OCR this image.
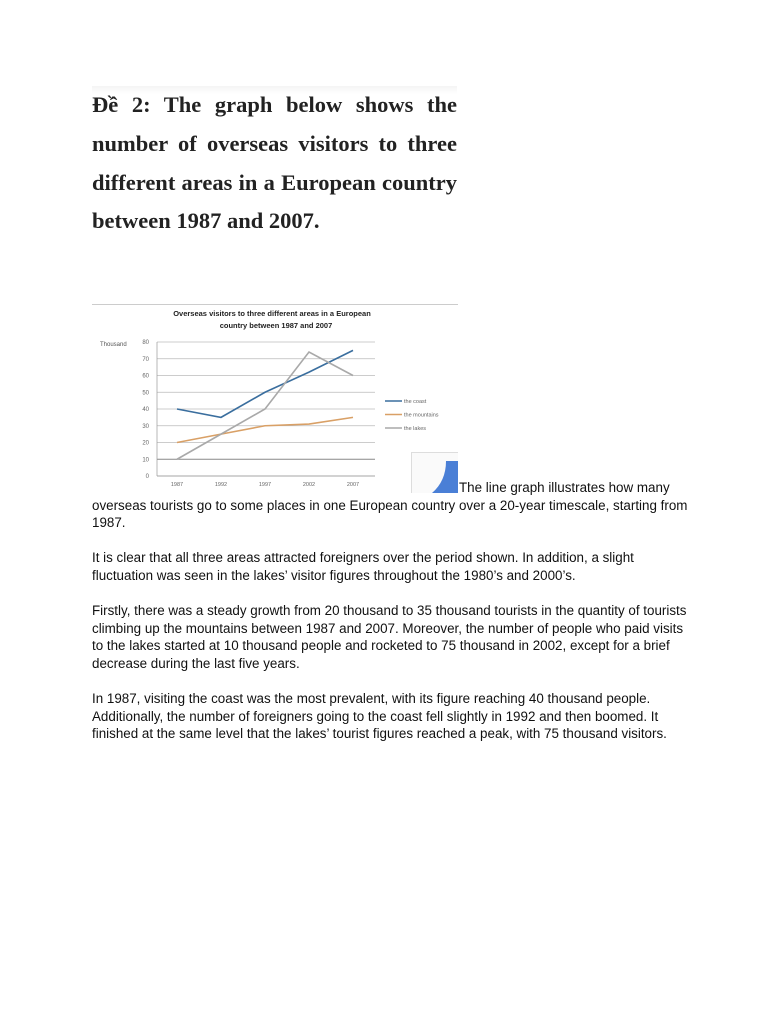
Đề 2: The graph below shows the number of overseas visitors to three different areas in a European country between 1987 and 2007.
Overseas visitors to three different areas in a European
country between 1987 and 2007
Thousand
0
10
20
30
40
50
60
70
80
1987	1992	1997	2002	2007
the coast
the mountains
the lakes
The line graph illustrates how many overseas tourists go to some places in one European country over a 20-year timescale, starting from 1987.
It is clear that all three areas attracted foreigners over the period shown. In addition, a slight fluctuation was seen in the lakes’ visitor figures throughout the 1980’s and 2000’s.
Firstly, there was a steady growth from 20 thousand to 35 thousand tourists in the quantity of tourists climbing up the mountains between 1987 and 2007. Moreover, the number of people who paid visits to the lakes started at 10 thousand people and rocketed to 75 thousand in 2002, except for a brief decrease during the last five years.
In 1987, visiting the coast was the most prevalent, with its figure reaching 40 thousand people. Additionally, the number of foreigners going to the coast fell slightly in 1992 and then boomed. It finished at the same level that the lakes’ tourist figures reached a peak, with 75 thousand visitors.
